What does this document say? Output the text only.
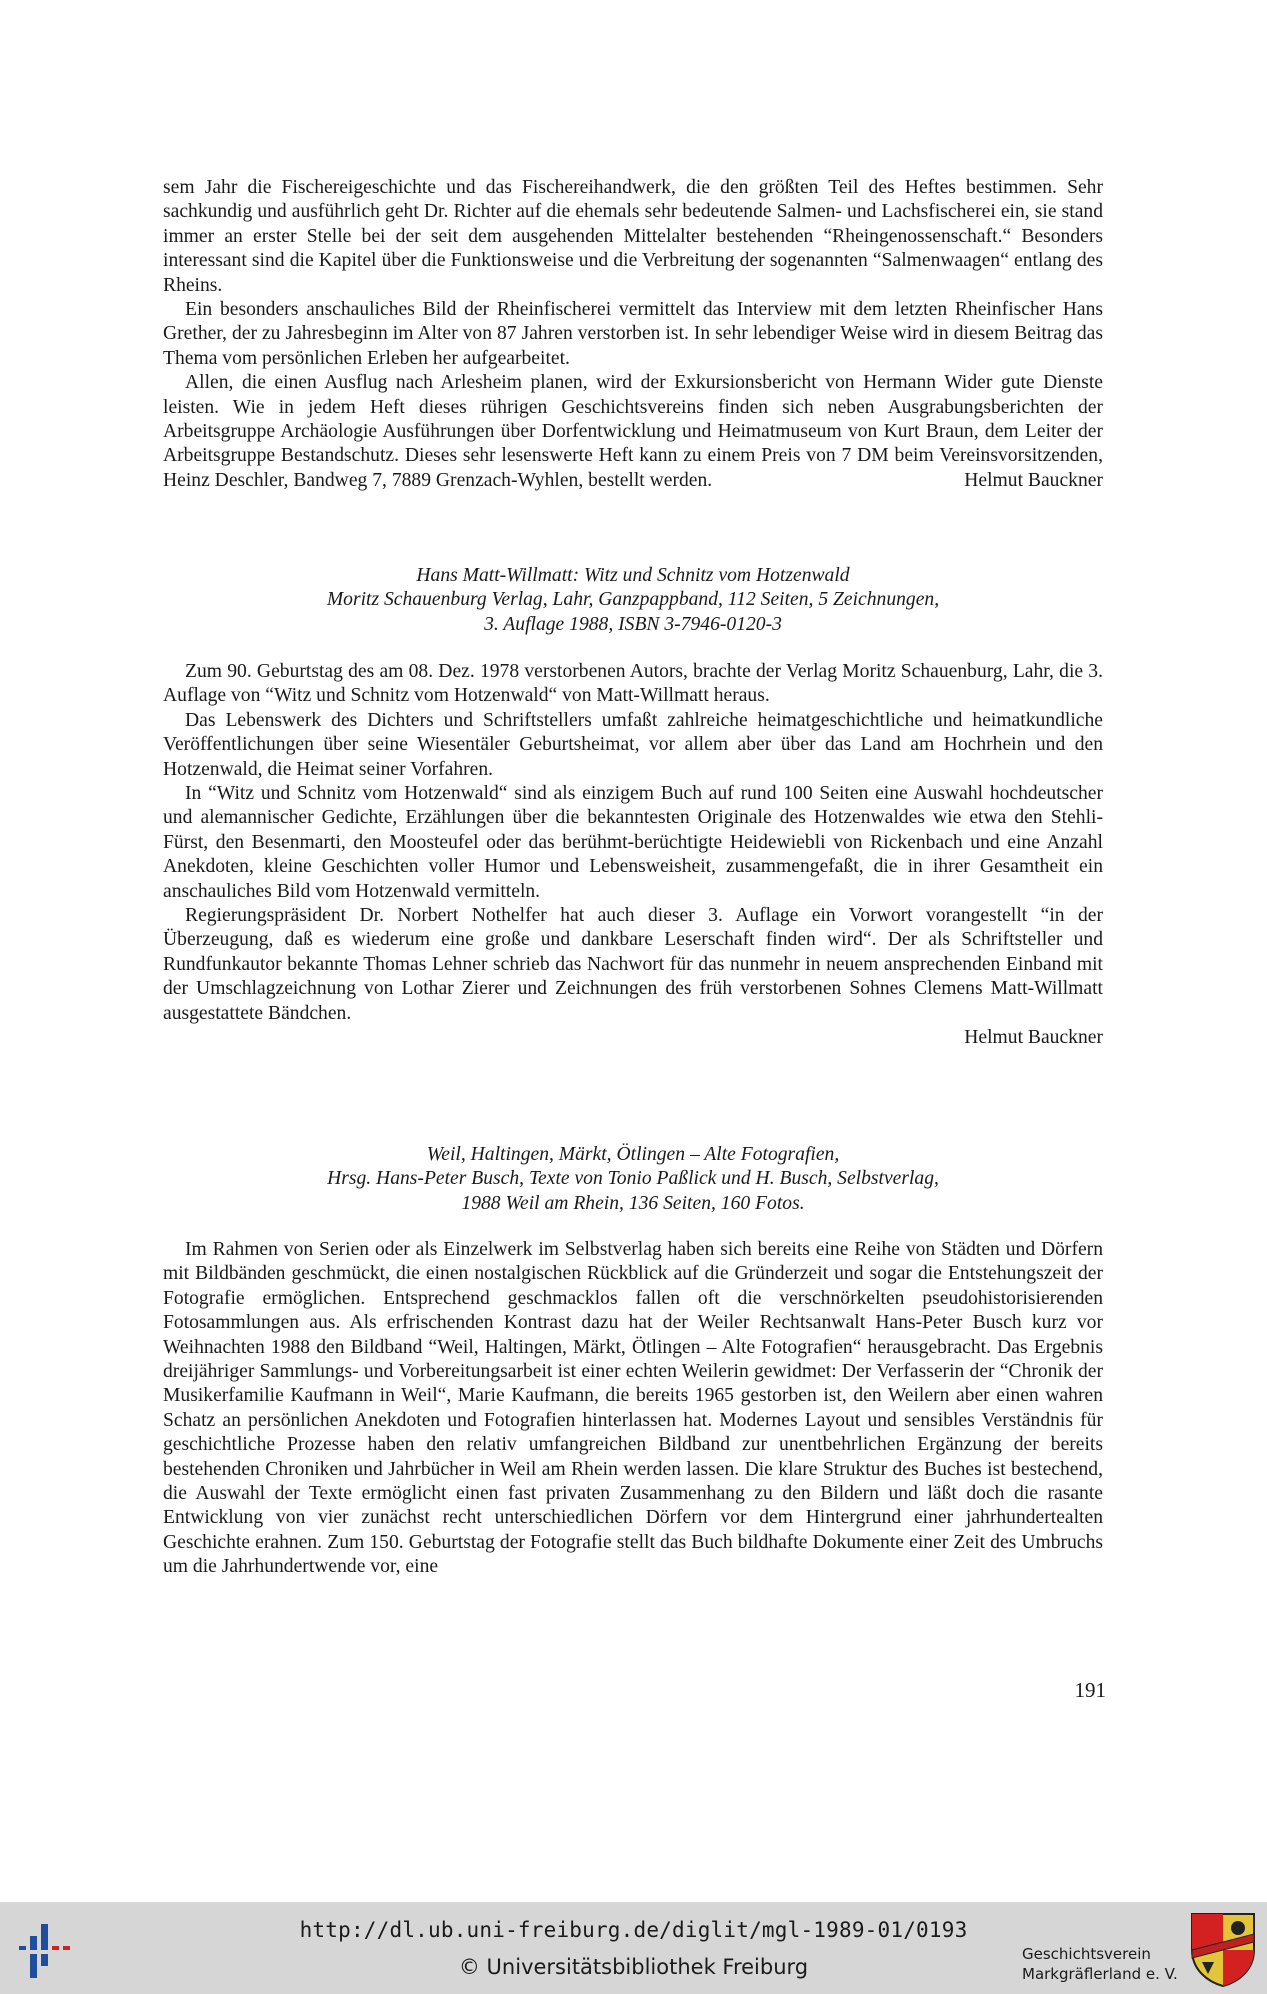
sem Jahr die Fischereigeschichte und das Fischereihandwerk, die den größten Teil des Heftes bestimmen. Sehr sachkundig und ausführlich geht Dr. Richter auf die ehemals sehr bedeutende Salmen- und Lachsfischerei ein, sie stand immer an erster Stelle bei der seit dem ausgehenden Mittelalter bestehenden “Rheingenossenschaft.“ Besonders interessant sind die Kapitel über die Funktionsweise und die Verbreitung der sogenannten “Salmenwaagen“ entlang des Rheins.

Ein besonders anschauliches Bild der Rheinfischerei vermittelt das Interview mit dem letzten Rheinfischer Hans Grether, der zu Jahresbeginn im Alter von 87 Jahren verstorben ist. In sehr lebendiger Weise wird in diesem Beitrag das Thema vom persönlichen Erleben her aufgearbeitet.

Allen, die einen Ausflug nach Arlesheim planen, wird der Exkursionsbericht von Hermann Wider gute Dienste leisten. Wie in jedem Heft dieses rührigen Geschichtsvereins finden sich neben Ausgrabungsberichten der Arbeitsgruppe Archäologie Ausführungen über Dorfentwicklung und Heimatmuseum von Kurt Braun, dem Leiter der Arbeitsgruppe Bestandschutz. Dieses sehr lesenswerte Heft kann zu einem Preis von 7 DM beim Vereinsvorsitzenden, Heinz Deschler, Bandweg 7, 7889 Grenzach-Wyhlen, bestellt werden.	Helmut Bauckner

Hans Matt-Willmatt: Witz und Schnitz vom Hotzenwald
Moritz Schauenburg Verlag, Lahr, Ganzpappband, 112 Seiten, 5 Zeichnungen,
3. Auflage 1988, ISBN 3-7946-0120-3

Zum 90. Geburtstag des am 08. Dez. 1978 verstorbenen Autors, brachte der Verlag Moritz Schauenburg, Lahr, die 3. Auflage von “Witz und Schnitz vom Hotzenwald“ von Matt-Willmatt heraus.

Das Lebenswerk des Dichters und Schriftstellers umfaßt zahlreiche heimatgeschichtliche und heimatkundliche Veröffentlichungen über seine Wiesentäler Geburtsheimat, vor allem aber über das Land am Hochrhein und den Hotzenwald, die Heimat seiner Vorfahren.

In “Witz und Schnitz vom Hotzenwald“ sind als einzigem Buch auf rund 100 Seiten eine Auswahl hochdeutscher und alemannischer Gedichte, Erzählungen über die bekanntesten Originale des Hotzenwaldes wie etwa den Stehli-Fürst, den Besenmarti, den Moosteufel oder das berühmt-berüchtigte Heidewiebli von Rickenbach und eine Anzahl Anekdoten, kleine Geschichten voller Humor und Lebensweisheit, zusammengefaßt, die in ihrer Gesamtheit ein anschauliches Bild vom Hotzenwald vermitteln.

Regierungspräsident Dr. Norbert Nothelfer hat auch dieser 3. Auflage ein Vorwort vorangestellt “in der Überzeugung, daß es wiederum eine große und dankbare Leserschaft finden wird“. Der als Schriftsteller und Rundfunkautor bekannte Thomas Lehner schrieb das Nachwort für das nunmehr in neuem ansprechenden Einband mit der Umschlagzeichnung von Lothar Zierer und Zeichnungen des früh verstorbenen Sohnes Clemens Matt-Willmatt ausgestattete Bändchen.

Helmut Bauckner

Weil, Haltingen, Märkt, Ötlingen – Alte Fotografien,
Hrsg. Hans-Peter Busch, Texte von Tonio Paßlick und H. Busch, Selbstverlag,
1988 Weil am Rhein, 136 Seiten, 160 Fotos.

Im Rahmen von Serien oder als Einzelwerk im Selbstverlag haben sich bereits eine Reihe von Städten und Dörfern mit Bildbänden geschmückt, die einen nostalgischen Rückblick auf die Gründerzeit und sogar die Entstehungszeit der Fotografie ermöglichen. Entsprechend geschmacklos fallen oft die verschnörkelten pseudohistorisierenden Fotosammlungen aus. Als erfrischenden Kontrast dazu hat der Weiler Rechtsanwalt Hans-Peter Busch kurz vor Weihnachten 1988 den Bildband “Weil, Haltingen, Märkt, Ötlingen – Alte Fotografien“ herausgebracht. Das Ergebnis dreijähriger Sammlungs- und Vorbereitungsarbeit ist einer echten Weilerin gewidmet: Der Verfasserin der “Chronik der Musikerfamilie Kaufmann in Weil“, Marie Kaufmann, die bereits 1965 gestorben ist, den Weilern aber einen wahren Schatz an persönlichen Anekdoten und Fotografien hinterlassen hat. Modernes Layout und sensibles Verständnis für geschichtliche Prozesse haben den relativ umfangreichen Bildband zur unentbehrlichen Ergänzung der bereits bestehenden Chroniken und Jahrbücher in Weil am Rhein werden lassen. Die klare Struktur des Buches ist bestechend, die Auswahl der Texte ermöglicht einen fast privaten Zusammenhang zu den Bildern und läßt doch die rasante Entwicklung von vier zunächst recht unterschiedlichen Dörfern vor dem Hintergrund einer jahrhundertealten Geschichte erahnen. Zum 150. Geburtstag der Fotografie stellt das Buch bildhafte Dokumente einer Zeit des Umbruchs um die Jahrhundertwende vor, eine

191
http://dl.ub.uni-freiburg.de/diglit/mgl-1989-01/0193
© Universitätsbibliothek Freiburg
Geschichtsverein
Markgräflerland e. V.
